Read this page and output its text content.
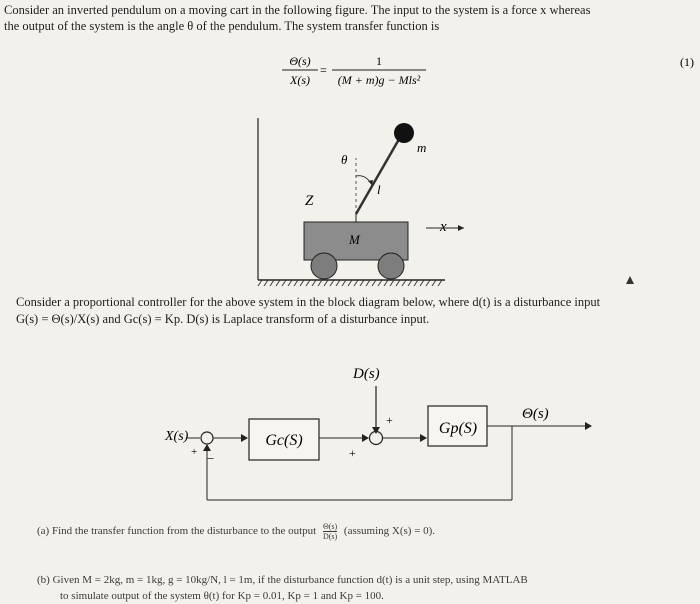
Consider an inverted pendulum on a moving cart in the following figure. The input to the system is a force x whereas
the output of the system is the angle θ of the pendulum. The system transfer function is
Θ(s)
X(s)
=
1
(M + m)g − Mls²
(1)
m
θ
l
Z
M
x
D(s)
X(s)
+ −
Gc(S)
+
+
Gp(S)
Θ(s)
Consider a proportional controller for the above system in the block diagram below, where d(t) is a disturbance input
G(s) = Θ(s)/X(s) and Gc(s) = Kp. D(s) is Laplace transform of a disturbance input.
(a) Find the transfer function from the disturbance to the output $\frac{\Theta(s)}{D(s)}$ (assuming X(s) = 0).
(b) Given M = 2kg, m = 1kg, g = 10kg/N, l = 1m, if the disturbance function d(t) is a unit step, using MATLAB
to simulate output of the system θ(t) for Kp = 0.01, Kp = 1 and Kp = 100.
